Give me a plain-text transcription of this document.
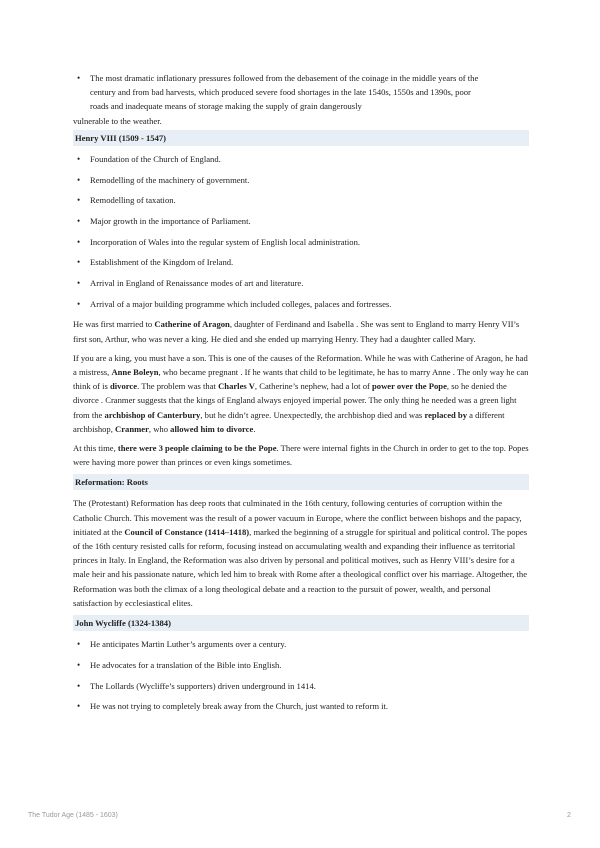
• The most dramatic inflationary pressures followed from the debasement of the coinage in the middle years of the
century and from bad harvests, which produced severe food shortages in the late 1540s, 1550s and 1390s, poor
roads and inadequate means of storage making the supply of grain dangerously
vulnerable to the weather.
Henry VIII (1509 - 1547)
• Foundation of the Church of England.
• Remodelling of the machinery of government.
• Remodelling of taxation.
• Major growth in the importance of Parliament.
• Incorporation of Wales into the regular system of English local administration.
• Establishment of the Kingdom of Ireland.
• Arrival in England of Renaissance modes of art and literature.
• Arrival of a major building programme which included colleges, palaces and fortresses.

He was first married to Catherine of Aragon, daughter of Ferdinand and Isabella . She was sent to England to marry Henry VII’s first son, Arthur, who was never a king. He died and she ended up marrying Henry. They had a daughter called Mary.

If you are a king, you must have a son. This is one of the causes of the Reformation. While he was with Catherine of Aragon, he had a mistress, Anne Boleyn, who became pregnant . If he wants that child to be legitimate, he has to marry Anne . The only way he can think of is divorce. The problem was that Charles V, Catherine’s nephew, had a lot of power over the Pope, so he denied the divorce . Cranmer suggests that the kings of England always enjoyed imperial power. The only thing he needed was a green light from the archbishop of Canterbury, but he didn’t agree. Unexpectedly, the archbishop died and was replaced by a different archbishop, Cranmer, who allowed him to divorce.

At this time, there were 3 people claiming to be the Pope. There were internal fights in the Church in order to get to the top. Popes were having more power than princes or even kings sometimes.

Reformation: Roots

The (Protestant) Reformation has deep roots that culminated in the 16th century, following centuries of corruption within the Catholic Church. This movement was the result of a power vacuum in Europe, where the conflict between bishops and the papacy, initiated at the Council of Constance (1414–1418), marked the beginning of a struggle for spiritual and political control. The popes of the 16th century resisted calls for reform, focusing instead on accumulating wealth and expanding their influence as territorial princes in Italy. In England, the Reformation was also driven by personal and political motives, such as Henry VIII’s desire for a male heir and his passionate nature, which led him to break with Rome after a theological conflict over his marriage. Altogether, the Reformation was both the climax of a long theological debate and a reaction to the pursuit of power, wealth, and personal satisfaction by ecclesiastical elites.

John Wycliffe (1324-1384)
• He anticipates Martin Luther’s arguments over a century.
• He advocates for a translation of the Bible into English.
• The Lollards (Wycliffe’s supporters) driven underground in 1414.
• He was not trying to completely break away from the Church, just wanted to reform it.
The Tudor Age (1485 - 1603)	2
